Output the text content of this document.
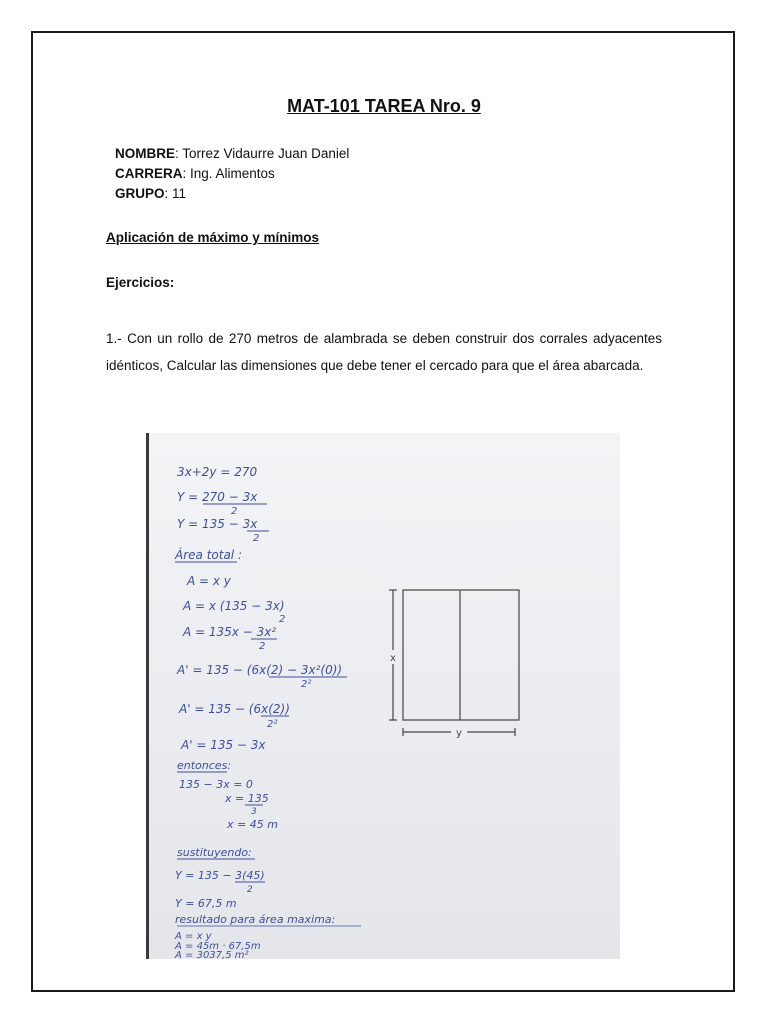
MAT-101 TAREA Nro. 9
NOMBRE: Torrez Vidaurre Juan Daniel
CARRERA: Ing. Alimentos
GRUPO: 11
Aplicación de máximo y mínimos
Ejercicios:
1.- Con un rollo de 270 metros de alambrada se deben construir dos corrales adyacentes idénticos, Calcular las dimensiones que debe tener el cercado para que el área abarcada.
3x+2y = 270
Y = 270 − 3x
2
Y = 135 − 3x
2
Área total :
A = x y
A = x (135 − 3x)
2
A = 135x − 3x²
2
A' = 135 − (6x(2) − 3x²(0))
2²
A' = 135 − (6x(2))
2²
A' = 135 − 3x
entonces:
135 − 3x = 0
x = 135
3
x = 45 m
sustituyendo:
Y = 135 − 3(45)
2
Y = 67,5 m
resultado para área maxima:
A = x y
A = 45m · 67,5m
A = 3037,5 m²
x
y
